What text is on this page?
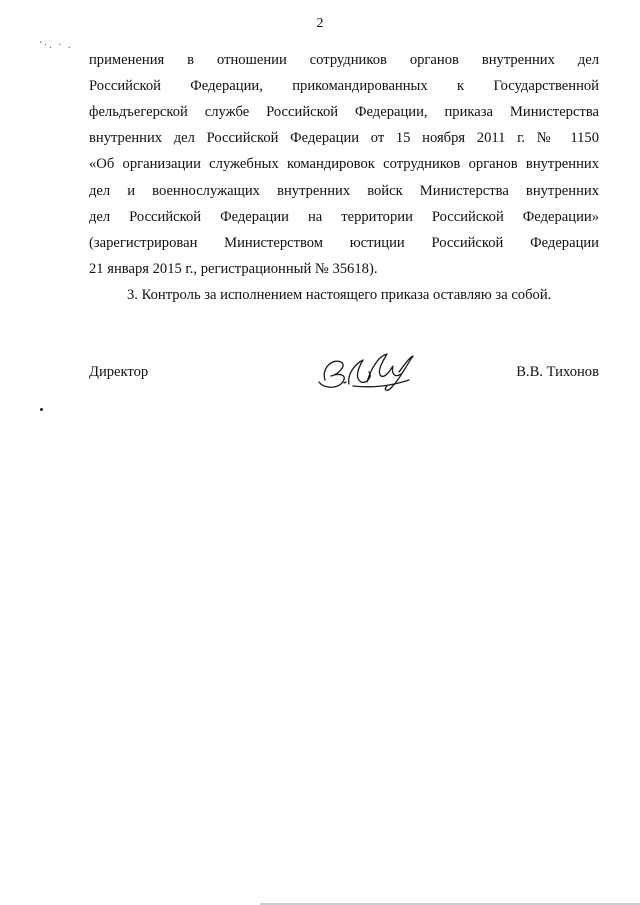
2
'·. · .
применения в отношении сотрудников органов внутренних дел
Российской Федерации, прикомандированных к Государственной
фельдъегерской службе Российской Федерации, приказа Министерства
внутренних дел Российской Федерации от 15 ноября 2011 г. № 1150
«Об организации служебных командировок сотрудников органов внутренних
дел и военнослужащих внутренних войск Министерства внутренних
дел Российской Федерации на территории Российской Федерации»
(зарегистрирован Министерством юстиции Российской Федерации
21 января 2015 г., регистрационный № 35618).
3. Контроль за исполнением настоящего приказа оставляю за собой.
Директор	В.В. Тихонов
